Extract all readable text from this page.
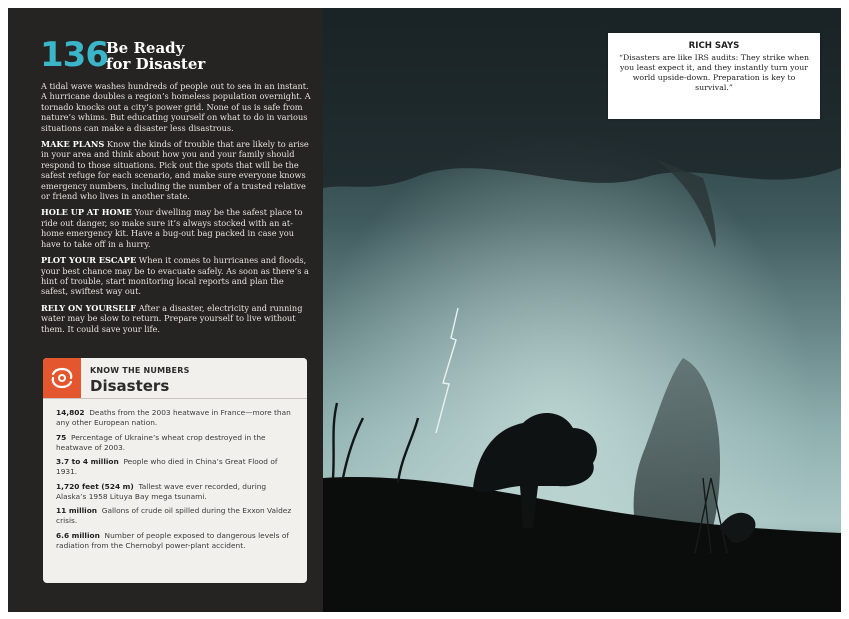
136
Be Ready
for Disaster

A tidal wave washes hundreds of people out to sea in an instant. A hurricane doubles a region’s homeless population overnight. A tornado knocks out a city’s power grid. None of us is safe from nature’s whims. But educating yourself on what to do in various situations can make a disaster less disastrous.

MAKE PLANS Know the kinds of trouble that are likely to arise in your area and think about how you and your family should respond to those situations. Pick out the spots that will be the safest refuge for each scenario, and make sure everyone knows emergency numbers, including the number of a trusted relative or friend who lives in another state.

HOLE UP AT HOME Your dwelling may be the safest place to ride out danger, so make sure it’s always stocked with an at-home emergency kit. Have a bug-out bag packed in case you have to take off in a hurry.

PLOT YOUR ESCAPE When it comes to hurricanes and floods, your best chance may be to evacuate safely. As soon as there’s a hint of trouble, start monitoring local reports and plan the safest, swiftest way out.

RELY ON YOURSELF After a disaster, electricity and running water may be slow to return. Prepare yourself to live without them. It could save your life.

KNOW THE NUMBERS
Disasters
14,802 Deaths from the 2003 heatwave in France—more than any other European nation.
75 Percentage of Ukraine’s wheat crop destroyed in the heatwave of 2003.
3.7 to 4 million People who died in China’s Great Flood of 1931.
1,720 feet (524 m) Tallest wave ever recorded, during Alaska’s 1958 Lituya Bay mega tsunami.
11 million Gallons of crude oil spilled during the Exxon Valdez crisis.
6.6 million Number of people exposed to dangerous levels of radiation from the Chernobyl power-plant accident.
RICH SAYS
“Disasters are like IRS audits: They strike when you least expect it, and they instantly turn your world upside-down. Preparation is key to survival.”
